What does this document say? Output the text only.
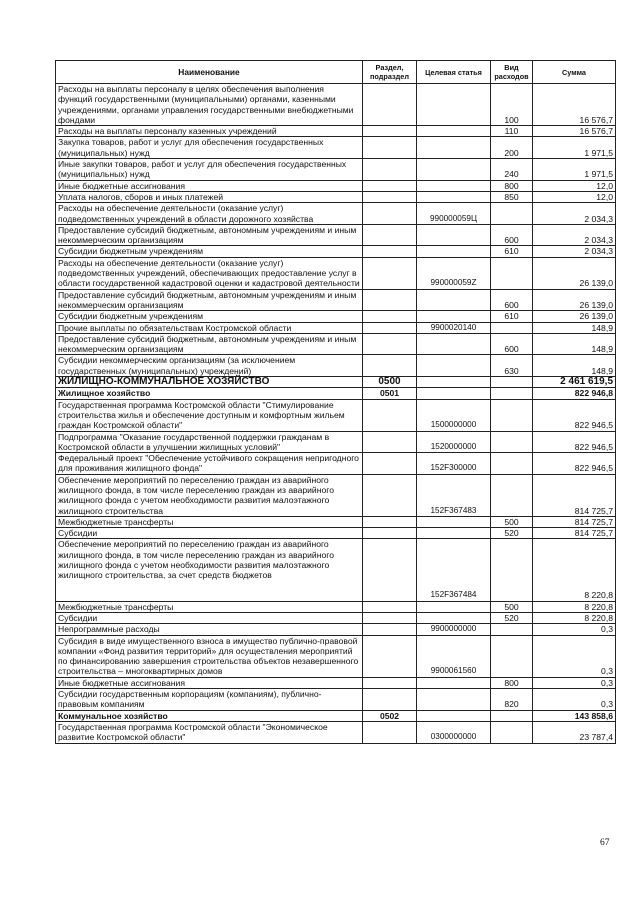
Наименование	Раздел, подраздел	Целевая статья	Вид расходов	Сумма
Расходы на выплаты персоналу в целях обеспечения выполнения функций государственными (муниципальными) органами, казенными учреждениями, органами управления государственными внебюджетными фондами			100	16 576,7
Расходы на выплаты персоналу казенных учреждений			110	16 576,7
Закупка товаров, работ и услуг для обеспечения государственных (муниципальных) нужд			200	1 971,5
Иные закупки товаров, работ и услуг для обеспечения государственных (муниципальных) нужд			240	1 971,5
Иные бюджетные ассигнования			800	12,0
Уплата налогов, сборов и иных платежей			850	12,0
Расходы на обеспечение деятельности (оказание услуг) подведомственных учреждений в области дорожного хозяйства		990000059Ц		2 034,3
Предоставление субсидий бюджетным, автономным учреждениям и иным некоммерческим организациям			600	2 034,3
Субсидии бюджетным учреждениям			610	2 034,3
Расходы на обеспечение деятельности (оказание услуг) подведомственных учреждений, обеспечивающих предоставление услуг в области государственной кадастровой оценки и кадастровой деятельности		990000059Z		26 139,0
Предоставление субсидий бюджетным, автономным учреждениям и иным некоммерческим организациям			600	26 139,0
Субсидии бюджетным учреждениям			610	26 139,0
Прочие выплаты по обязательствам Костромской области		9900020140		148,9
Предоставление субсидий бюджетным, автономным учреждениям и иным некоммерческим организациям			600	148,9
Субсидии некоммерческим организациям (за исключением государственных (муниципальных) учреждений)			630	148,9
ЖИЛИЩНО-КОММУНАЛЬНОЕ ХОЗЯЙСТВО	0500			2 461 619,5
Жилищное хозяйство	0501			822 946,8
Государственная программа Костромской области "Стимулирование строительства жилья и обеспечение доступным и комфортным жильем граждан Костромской области"		1500000000		822 946,5
Подпрограмма "Оказание государственной поддержки гражданам в Костромской области в улучшении жилищных условий"		1520000000		822 946,5
Федеральный проект "Обеспечение устойчивого сокращения непригодного для проживания жилищного фонда"		152F300000		822 946,5
Обеспечение мероприятий по переселению граждан из аварийного жилищного фонда, в том числе переселению граждан из аварийного жилищного фонда с учетом необходимости развития малоэтажного жилищного строительства		152F367483		814 725,7
Межбюджетные трансферты			500	814 725,7
Субсидии			520	814 725,7
Обеспечение мероприятий по переселению граждан из аварийного жилищного фонда, в том числе переселению граждан из аварийного жилищного фонда с учетом необходимости развития малоэтажного жилищного строительства, за счет средств бюджетов		152F367484		8 220,8
Межбюджетные трансферты			500	8 220,8
Субсидии			520	8 220,8
Непрограммные расходы		9900000000		0,3
Субсидия в виде имущественного взноса в имущество публично-правовой компании «Фонд развития территорий» для осуществления мероприятий по финансированию завершения строительства объектов незавершенного строительства – многоквартирных домов		9900061560		0,3
Иные бюджетные ассигнования			800	0,3
Субсидии государственным корпорациям (компаниям), публично-правовым компаниям			820	0,3
Коммунальное хозяйство	0502			143 858,6
Государственная программа Костромской области "Экономическое развитие Костромской области"		0300000000		23 787,4
67
